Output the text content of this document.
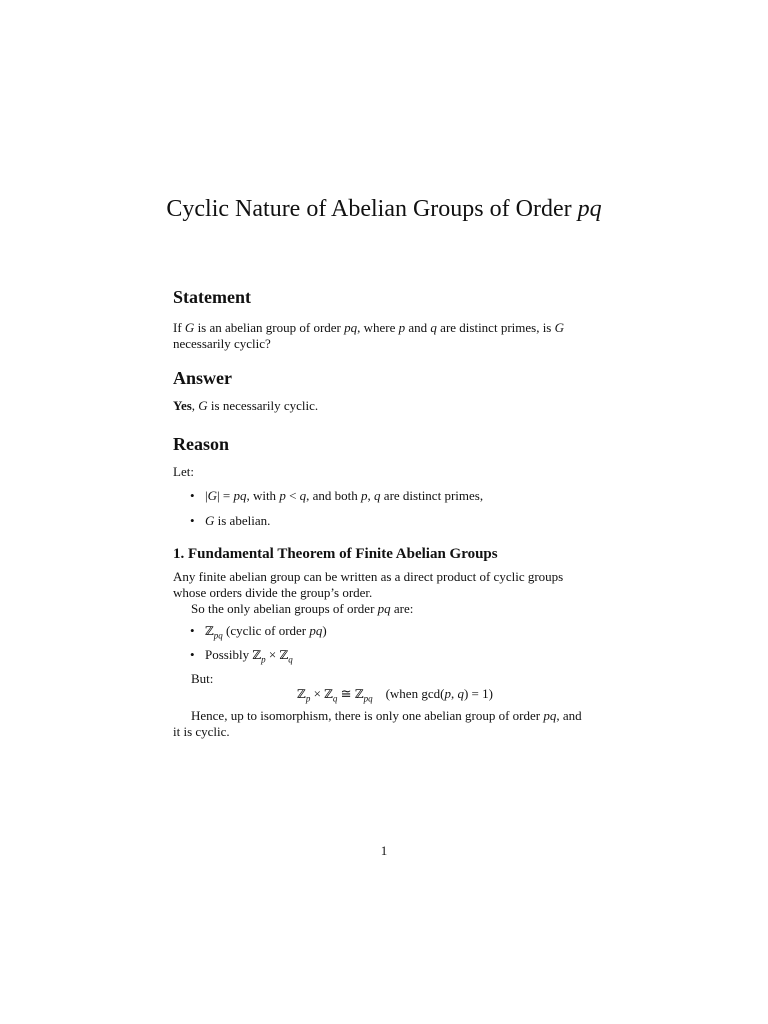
Cyclic Nature of Abelian Groups of Order pq
Statement

If G is an abelian group of order pq, where p and q are distinct primes, is G

necessarily cyclic?

Answer

Yes, G is necessarily cyclic.

Reason

Let:

• |G| = pq, with p < q, and both p, q are distinct primes,
• G is abelian.
1. Fundamental Theorem of Finite Abelian Groups

Any finite abelian group can be written as a direct product of cyclic groups

whose orders divide the group’s order.

So the only abelian groups of order pq are:

• ℤ$_{pq}$ (cyclic of order pq)
• Possibly ℤ$_p$ × ℤ$_q$

But:

ℤ$_p$ × ℤ$_q$ ≅ ℤ$_{pq}$    (when gcd(p, q) = 1)

Hence, up to isomorphism, there is only one abelian group of order pq, and

it is cyclic.

1
